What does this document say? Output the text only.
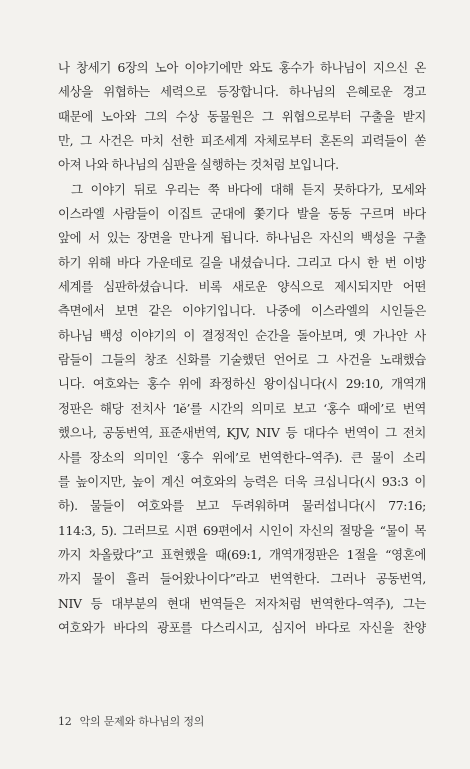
나 창세기 6장의 노아 이야기에만 와도 홍수가 하나님이 지으신 온
세상을 위협하는 세력으로 등장합니다. 하나님의 은혜로운 경고
때문에 노아와 그의 수상 동물원은 그 위협으로부터 구출을 받지
만, 그 사건은 마치 선한 피조세계 자체로부터 혼돈의 괴력들이 쏟
아져 나와 하나님의 심판을 실행하는 것처럼 보입니다.
그 이야기 뒤로 우리는 쭉 바다에 대해 듣지 못하다가, 모세와
이스라엘 사람들이 이집트 군대에 쫓기다 발을 동동 구르며 바다
앞에 서 있는 장면을 만나게 됩니다. 하나님은 자신의 백성을 구출
하기 위해 바다 가운데로 길을 내셨습니다. 그리고 다시 한 번 이방
세계를 심판하셨습니다. 비록 새로운 양식으로 제시되지만 어떤
측면에서 보면 같은 이야기입니다. 나중에 이스라엘의 시인들은
하나님 백성 이야기의 이 결정적인 순간을 돌아보며, 옛 가나안 사
람들이 그들의 창조 신화를 기술했던 언어로 그 사건을 노래했습
니다. 여호와는 홍수 위에 좌정하신 왕이십니다(시 29:10, 개역개
정판은 해당 전치사 ‘lĕ’를 시간의 의미로 보고 ‘홍수 때에’로 번역
했으나, 공동번역, 표준새번역, KJV, NIV 등 대다수 번역이 그 전치
사를 장소의 의미인 ‘홍수 위에’로 번역한다–역주). 큰 물이 소리
를 높이지만, 높이 계신 여호와의 능력은 더욱 크십니다(시 93:3 이
하). 물들이 여호와를 보고 두려워하며 물러섭니다(시 77:16;
114:3, 5). 그러므로 시편 69편에서 시인이 자신의 절망을 “물이 목
까지 차올랐다”고 표현했을 때(69:1, 개역개정판은 1절을 “영혼에
까지 물이 흘러 들어왔나이다”라고 번역한다. 그러나 공동번역,
NIV 등 대부분의 현대 번역들은 저자처럼 번역한다–역주), 그는
여호와가 바다의 광포를 다스리시고, 심지어 바다로 자신을 찬양
12 악의 문제와 하나님의 정의
